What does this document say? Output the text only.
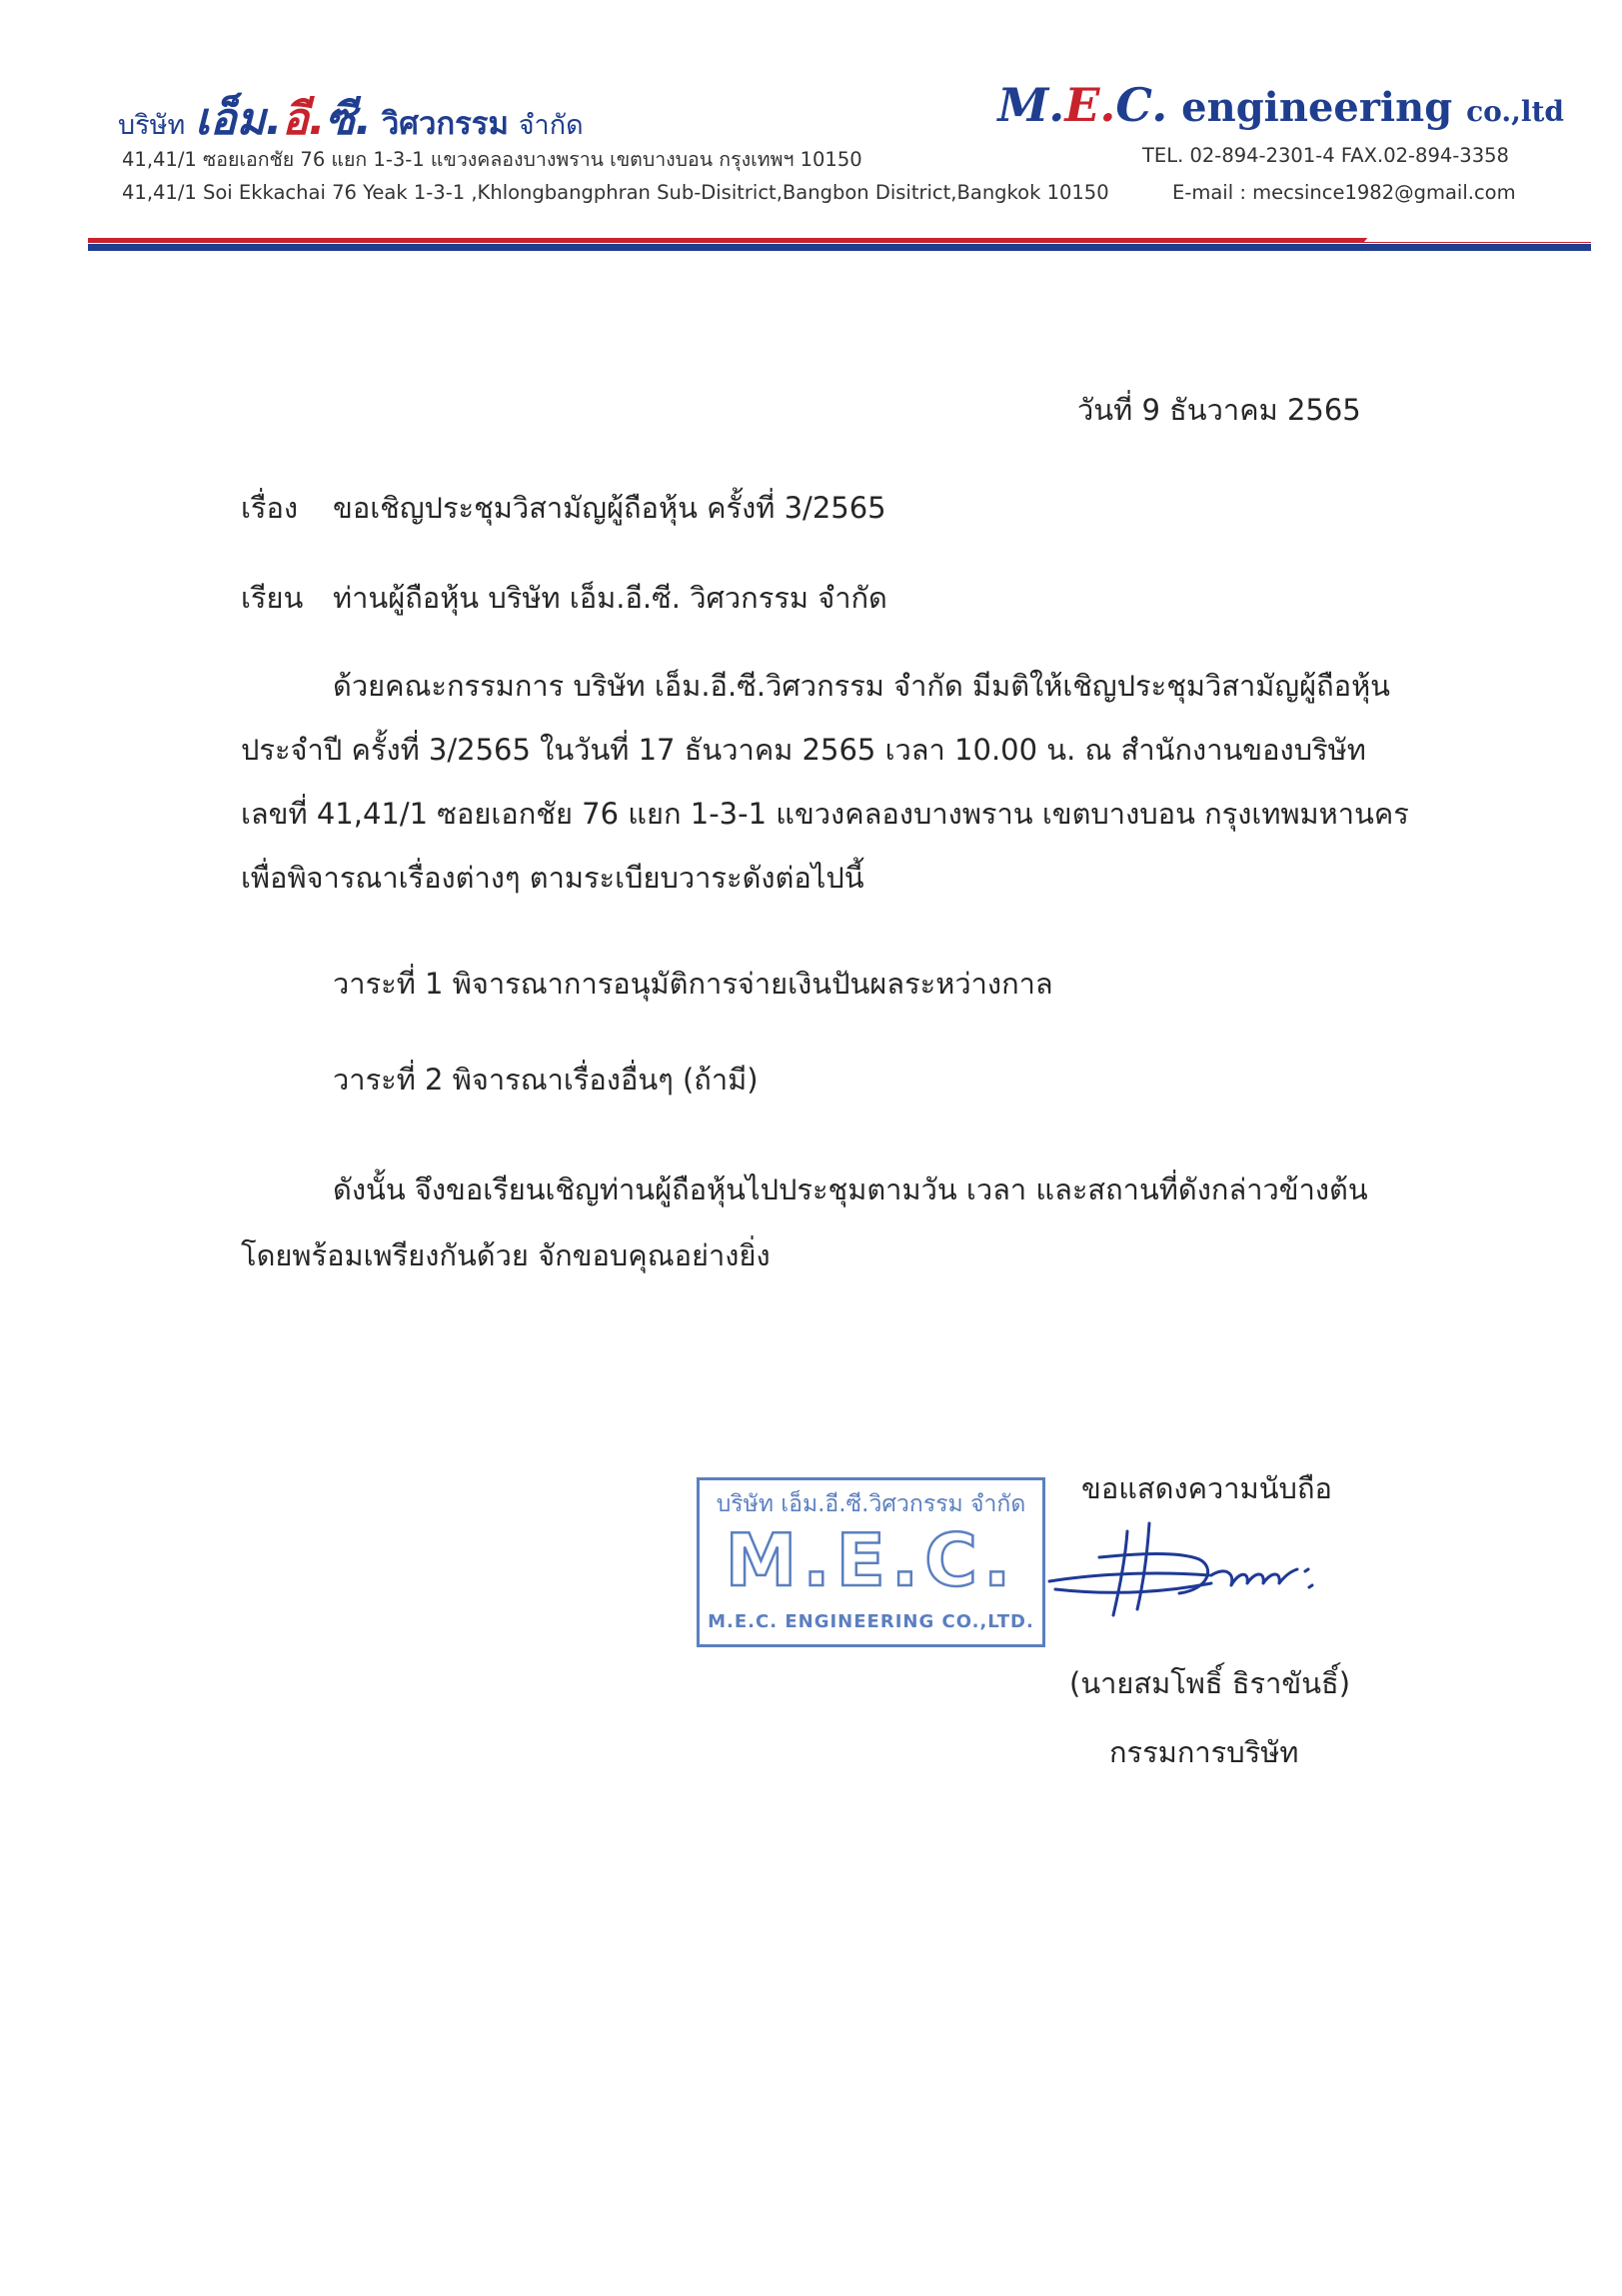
บริษัท เอ็ม.อี.ซี. วิศวกรรม จำกัด	M.E.C. engineering co.,ltd
41,41/1 ซอยเอกชัย 76 แยก 1-3-1 แขวงคลองบางพราน เขตบางบอน กรุงเทพฯ 10150
41,41/1 Soi Ekkachai 76 Yeak 1-3-1 ,Khlongbangphran Sub-Disitrict,Bangbon Disitrict,Bangkok 10150
TEL. 02-894-2301-4 FAX.02-894-3358
E-mail : mecsince1982@gmail.com
วันที่ 9 ธันวาคม 2565
เรื่อง ขอเชิญประชุมวิสามัญผู้ถือหุ้น ครั้งที่ 3/2565
เรียน ท่านผู้ถือหุ้น บริษัท เอ็ม.อี.ซี. วิศวกรรม จำกัด
ด้วยคณะกรรมการ บริษัท เอ็ม.อี.ซี.วิศวกรรม จำกัด มีมติให้เชิญประชุมวิสามัญผู้ถือหุ้น
ประจำปี ครั้งที่ 3/2565 ในวันที่ 17 ธันวาคม 2565 เวลา 10.00 น. ณ สำนักงานของบริษัท
เลขที่ 41,41/1 ซอยเอกชัย 76 แยก 1-3-1 แขวงคลองบางพราน เขตบางบอน กรุงเทพมหานคร
เพื่อพิจารณาเรื่องต่างๆ ตามระเบียบวาระดังต่อไปนี้
วาระที่ 1 พิจารณาการอนุมัติการจ่ายเงินปันผลระหว่างกาล
วาระที่ 2 พิจารณาเรื่องอื่นๆ (ถ้ามี)
ดังนั้น จึงขอเรียนเชิญท่านผู้ถือหุ้นไปประชุมตามวัน เวลา และสถานที่ดังกล่าวข้างต้น
โดยพร้อมเพรียงกันด้วย จักขอบคุณอย่างยิ่ง
ขอแสดงความนับถือ
บริษัท เอ็ม.อี.ซี.วิศวกรรม จำกัด
M.E.C.
M.E.C. ENGINEERING CO.,LTD.
(นายสมโพธิ์ ธิราขันธิ์)
กรรมการบริษัท
